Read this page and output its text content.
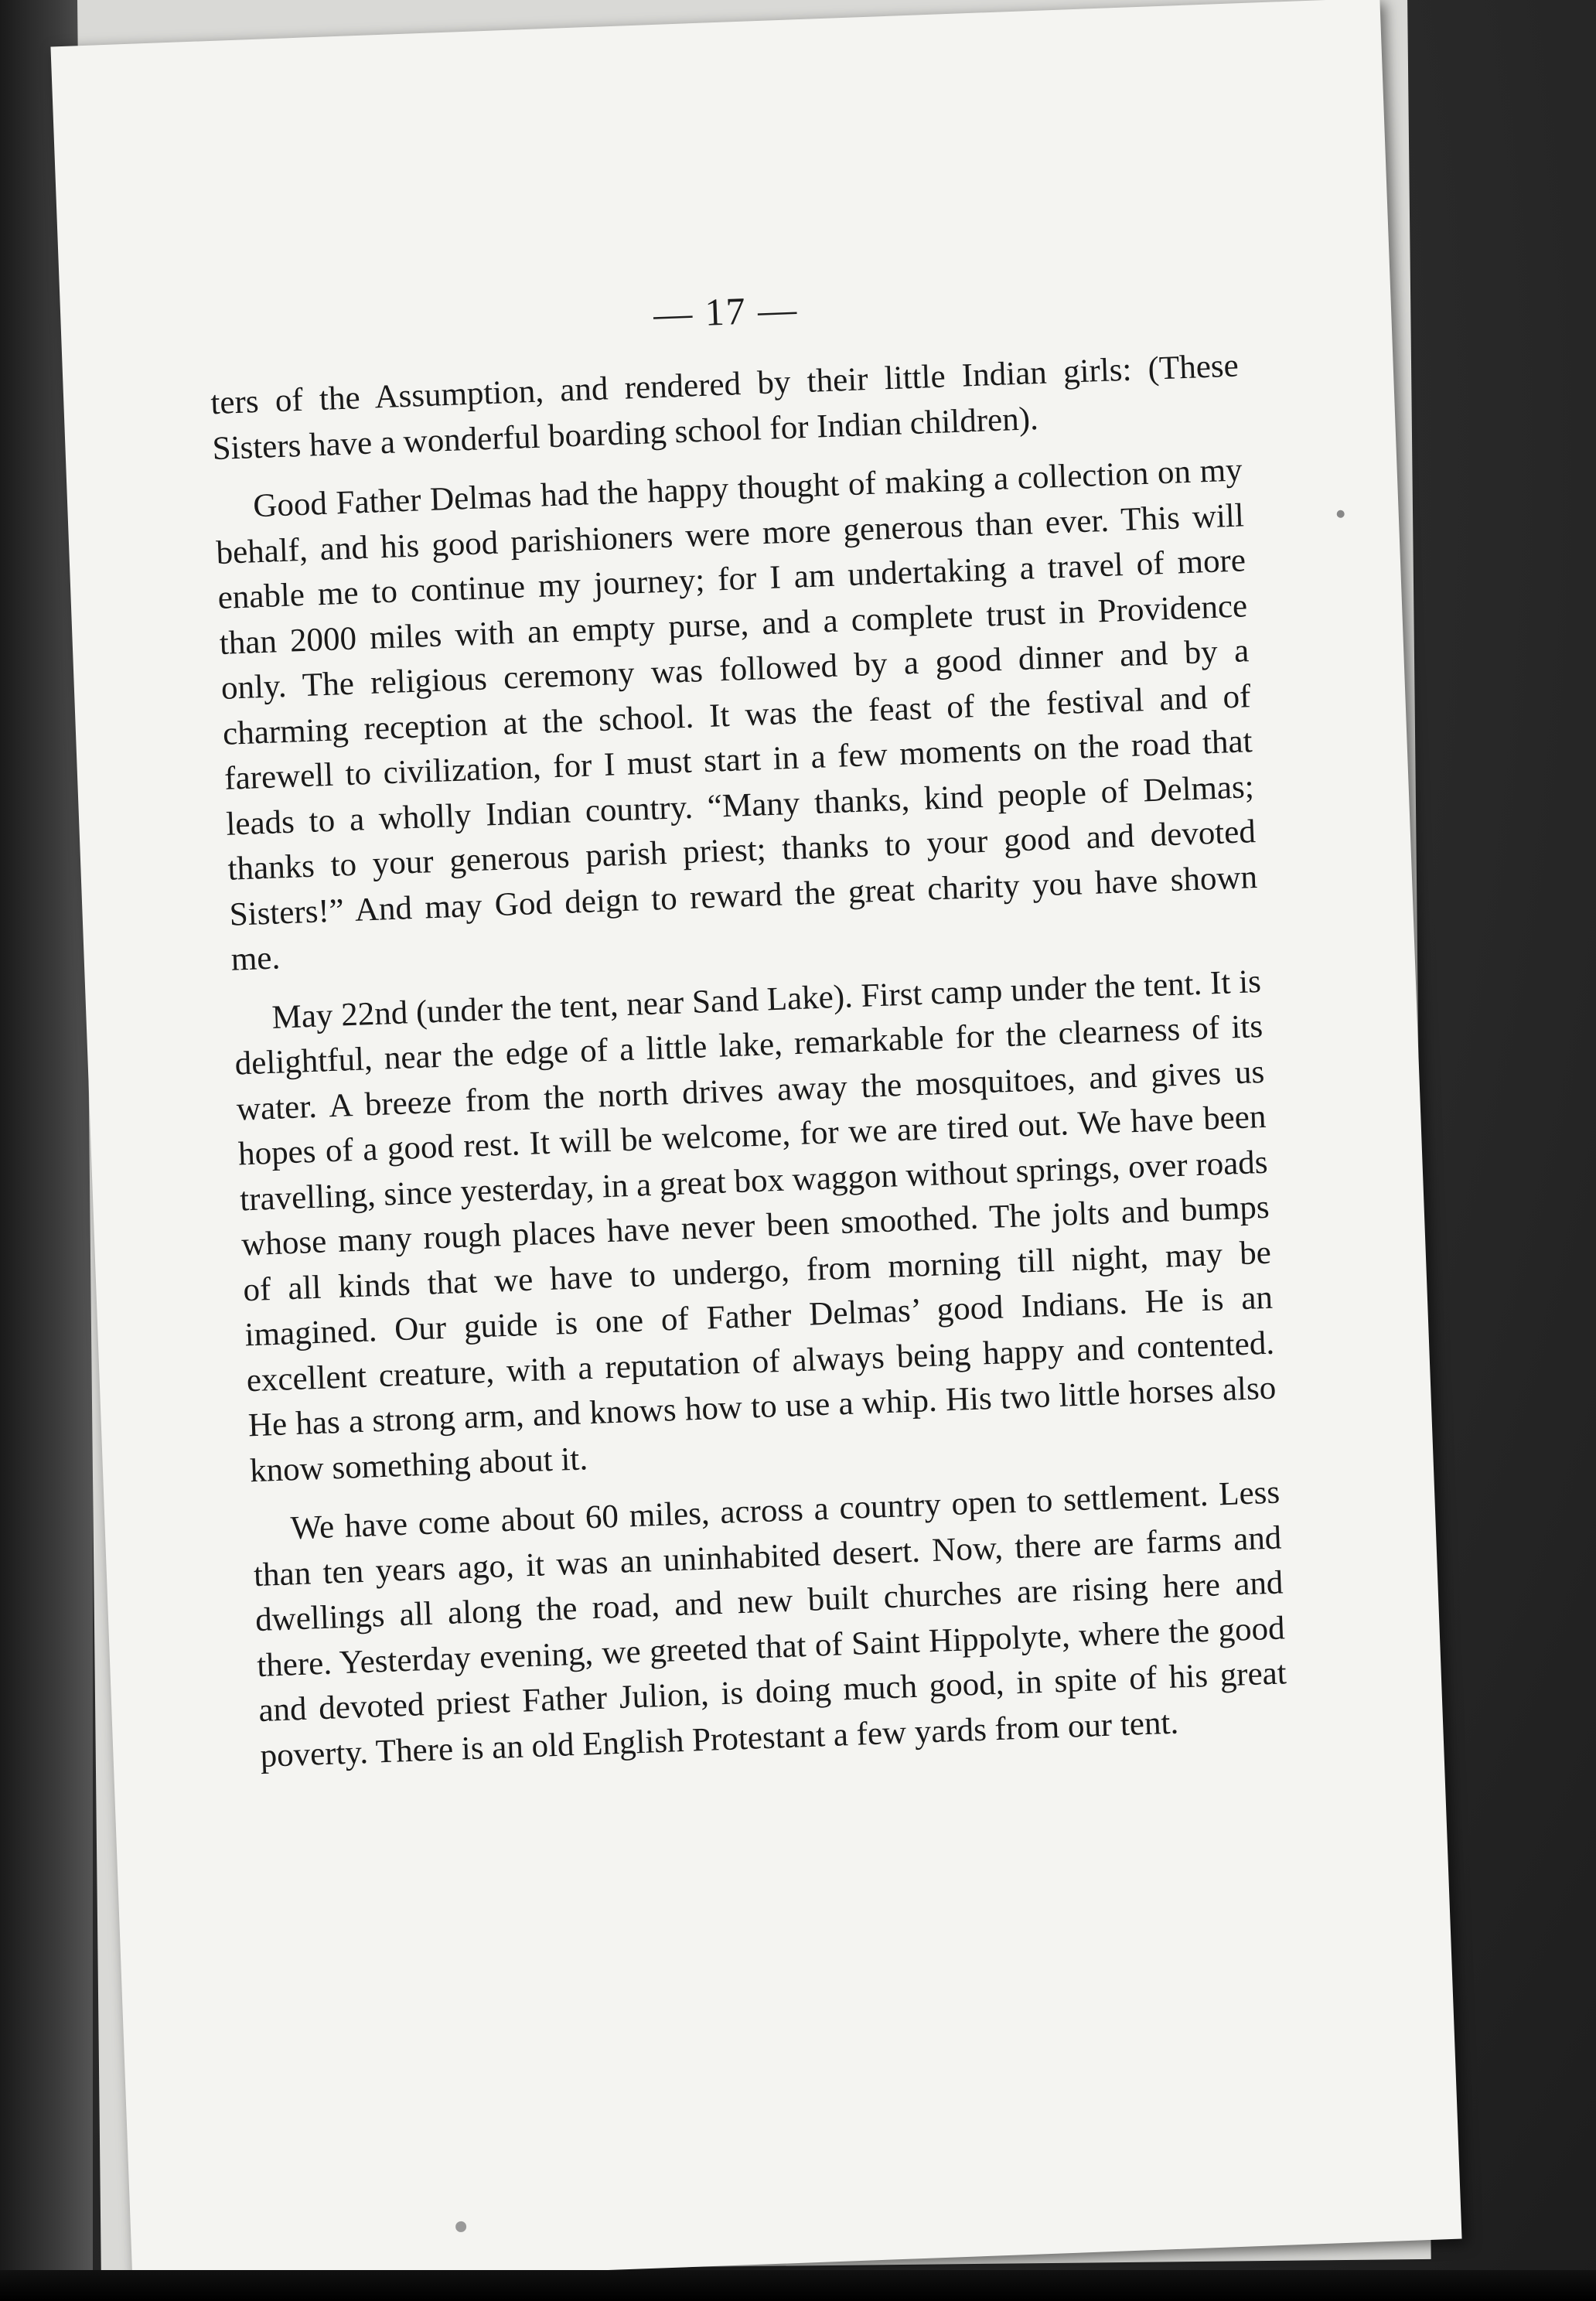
— 17 —

ters of the Assumption, and rendered by their little Indian girls: (These Sisters have a wonderful boarding school for Indian children).

Good Father Delmas had the happy thought of making a collection on my behalf, and his good parishioners were more generous than ever. This will enable me to continue my journey; for I am undertaking a travel of more than 2000 miles with an empty purse, and a complete trust in Providence only. The religious ceremony was followed by a good dinner and by a charming reception at the school. It was the feast of the festival and of farewell to civilization, for I must start in a few moments on the road that leads to a wholly Indian country. “Many thanks, kind people of Delmas; thanks to your generous parish priest; thanks to your good and devoted Sisters!” And may God deign to reward the great charity you have shown me.

May 22nd (under the tent, near Sand Lake). First camp under the tent. It is delightful, near the edge of a little lake, remarkable for the clearness of its water. A breeze from the north drives away the mosquitoes, and gives us hopes of a good rest. It will be welcome, for we are tired out. We have been travelling, since yesterday, in a great box waggon without springs, over roads whose many rough places have never been smoothed. The jolts and bumps of all kinds that we have to undergo, from morning till night, may be imagined. Our guide is one of Father Delmas’ good Indians. He is an excellent creature, with a reputation of always being happy and contented. He has a strong arm, and knows how to use a whip. His two little horses also know something about it.

We have come about 60 miles, across a country open to settlement. Less than ten years ago, it was an uninhabited desert. Now, there are farms and dwellings all along the road, and new built churches are rising here and there. Yesterday evening, we greeted that of Saint Hippolyte, where the good and devoted priest Father Julion, is doing much good, in spite of his great poverty. There is an old English Protestant a few yards from our tent.
